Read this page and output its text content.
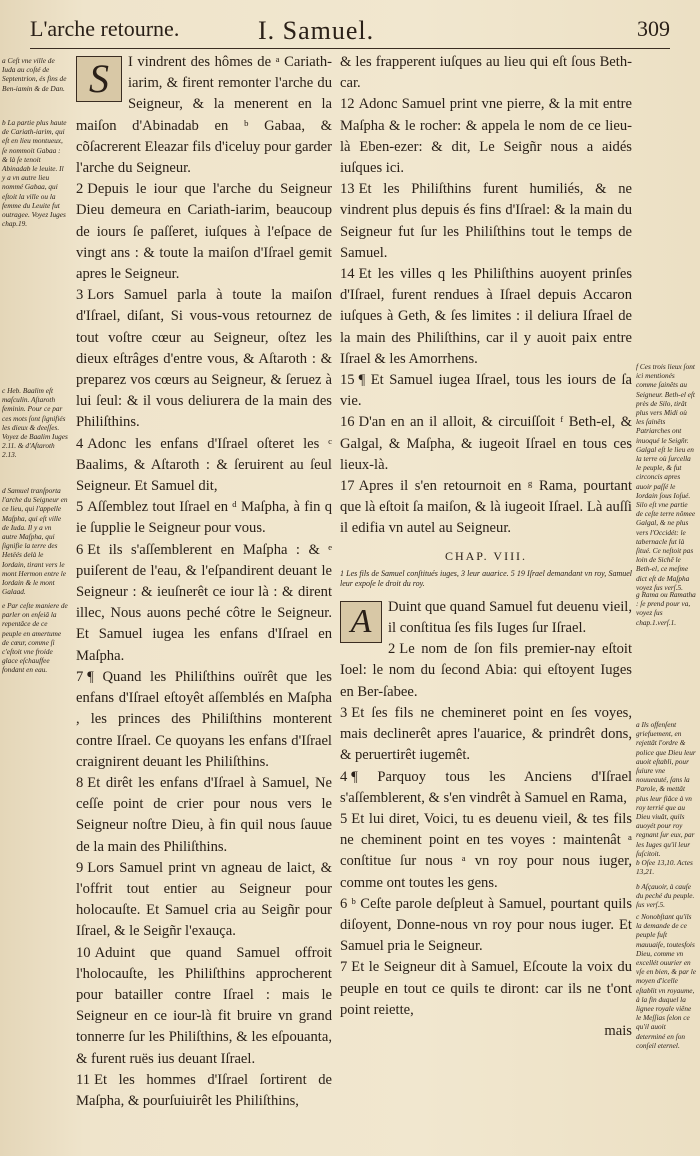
L'arche retourne.	I. Samuel.	309
a Ceſt vne ville de Iuda au coſté de Septentrion, és fins de Ben-iamin & de Dan.
b La partie plus haute de Cariath-iarim, qui eſt en lieu montueux, ſe nommoit Gabaa : & là ſe tenoit Abinadab le leuite. Il y a vn autre lieu nommé Gabaa, qui eſtoit la ville ou la femme du Leuite fut outragee. Voyez Iuges chap.19.
c Heb. Baalim eſt maſculin. Aſtaroth feminin. Pour ce par ces mots ſont ſignifiés les dieux & deeſſes. Voyez de Baalim Iuges 2.11. & d'Aſtaroth 2.13.
d Samuel tranſporta l'arche du Seigneur en ce lieu, qui l'appelle Maſpha, qui eſt ville de Iuda. Il y a vn autre Maſpha, qui ſignifie la terre des Hetëés delà le Iordain, tirant vers le mont Hermon entre le Iordain & le mont Galaad.
e Par ceſte maniere de parler on enſeiâ la repentâce de ce peuple en amertume de cœur, comme ſi c'eſtoit vne froide glace eſchauffee fondant en eau.

S	I vindrent des hômes de ᵃ Cariath-iarim, & firent remonter l'arche du Seigneur, & la menerent en la maiſon d'Abinadab en ᵇ Gabaa, & cõſacrerent Eleazar fils d'iceluy pour garder l'arche du Seigneur.

2 Depuis le iour que l'arche du Seigneur Dieu demeura en Cariath-iarim, beaucoup de iours ſe paſſeret, iuſques à l'eſpace de vingt ans : & toute la maiſon d'Iſrael gemit apres le Seigneur.

3 Lors Samuel parla à toute la maiſon d'Iſrael, diſant, Si vous-vous retournez de tout voſtre cœur au Seigneur, oſtez les dieux eſtrâges d'entre vous, & Aſtaroth : & preparez vos cœurs au Seigneur, & ſeruez à lui ſeul: & il vous deliurera de la main des Philiſthins.

4 Adonc les enfans d'Iſrael oſteret les ᶜ Baalims, & Aſtaroth : & ſeruirent au ſeul Seigneur. Et Samuel dit,

5 Aſſemblez tout Iſrael en ᵈ Maſpha, à fin q ie ſupplie le Seigneur pour vous.

6 Et ils s'aſſemblerent en Maſpha : & ᵉ puiſerent de l'eau, & l'eſpandirent deuant le Seigneur : & ieuſnerêt ce iour là : & dirent illec, Nous auons peché côtre le Seigneur. Et Samuel iugea les enfans d'Iſrael en Maſpha.

7 ¶ Quand les Philiſthins ouïrêt que les enfans d'Iſrael eſtoyêt aſſemblés en Maſpha , les princes des Philiſthins monterent contre Iſrael. Ce quoyans les enfans d'Iſrael craignirent deuant les Philiſthins.

8 Et dirêt les enfans d'Iſrael à Samuel, Ne ceſſe point de crier pour nous vers le Seigneur noſtre Dieu, à fin quil nous ſauue de la main des Philiſthins.

9 Lors Samuel print vn agneau de laict, & l'offrit tout entier au Seigneur pour holocauſte. Et Samuel cria au Seigñr pour Iſrael, & le Seigñr l'exauça.

10 Aduint que quand Samuel offroit l'holocauſte, les Philiſthins approcherent pour batailler contre Iſrael : mais le Seigneur en ce iour-là fit bruire vn grand tonnerre ſur les Philiſthins, & les eſpouanta, & furent ruës ius deuant Iſrael.

11 Et les hommes d'Iſrael ſortirent de Maſpha, & pourſuiuirêt les Philiſthins,

& les frapperent iuſques au lieu qui eſt ſous Beth-car.

12 Adonc Samuel print vne pierre, & la mit entre Maſpha & le rocher: & appela le nom de ce lieu-là Eben-ezer: & dit, Le Seigñr nous a aidés iuſques ici.

13 Et les Philiſthins furent humiliés, & ne vindrent plus depuis és fins d'Iſrael: & la main du Seigneur fut ſur les Philiſthins tout le temps de Samuel.

14 Et les villes q les Philiſthins auoyent prinſes d'Iſrael, furent rendues à Iſrael depuis Accaron iuſques à Geth, & ſes limites : il deliura Iſrael de la main des Philiſthins, car il y auoit paix entre Iſrael & les Amorrhens.

15 ¶ Et Samuel iugea Iſrael, tous les iours de ſa vie.

16 D'an en an il alloit, & circuiſſoit ᶠ Beth-el, & Galgal, & Maſpha, & iugeoit Iſrael en tous ces lieux-là.

17 Apres il s'en retournoit en ᵍ Rama, pourtant que là eſtoit ſa maiſon, & là iugeoit Iſrael. Là auſſi il edifia vn autel au Seigneur.

CHAP. VIII.
1 Les fils de Samuel conſtitués iuges, 3 leur auarice. 5 19 Iſrael demandant vn roy, Samuel leur expoſe le droit du roy.

A	Duint que quand Samuel fut deuenu vieil, il conſtitua ſes fils Iuges ſur Iſrael.

2 Le nom de ſon fils premier-nay eſtoit Ioel: le nom du ſecond Abia: qui eſtoyent Iuges en Ber-ſabee.

3 Et ſes fils ne chemineret point en ſes voyes, mais declinerêt apres l'auarice, & prindrêt dons, & peruertirêt iugemêt.

4 ¶ Parquoy tous les Anciens d'Iſrael s'aſſemblerent, & s'en vindrêt à Samuel en Rama,

5 Et lui diret, Voici, tu es deuenu vieil, & tes fils ne cheminent point en tes voyes : maintenât ᵃ conſtitue ſur nous ᵃ vn roy pour nous iuger, comme ont toutes les gens.

6 ᵇ Ceſte parole deſpleut à Samuel, pourtant quils diſoyent, Donne-nous vn roy pour nous iuger. Et Samuel pria le Seigneur.

7 Et le Seigneur dit à Samuel, Eſcoute la voix du peuple en tout ce quils te diront: car ils ne t'ont point reiette,

mais
f Ces trois lieux ſont ici mentionés comme ſainêts au Seigneur. Beth-el eſt près de Silo, tirât plus vers Midi où les ſainêts Patriarches ont inuoqué le Seigñr. Galgal eſt le lieu en la terre où ſurcella le peuple, & fut circoncis apres auoir paſſé le Iordain ſous Ioſué. Silo eſt vne partie de ceſte terre nômee Galgal, & ne plus vers l'Occidét: le tabernacle fut là ſitué. Ce neſtoit pas loin de Sichê le Beth-el, ce meſme dict eſt de Maſpha voyez ſus verſ.5.
g Rama ou Ramatha : ſe prend pour va, voyez ſus chap.1.verſ.1.
a Ils offenſent griefuement, en rejettât l'ordre & police que Dieu leur auoit eſtabli, pour ſuiure vne nouueauté, ſans la Parole, & mettât plus leur fiâce à vn roy terrié que au Dieu viuât, quils auoyét pour roy regnant ſur eux, par les Iuges qu'il leur ſuſcitoit.
b Oſee 13,10. Actes 13,21.
b Aſçauoir, à cauſe du peché du peuple. ſus verſ.5.
c Nonobſtant qu'ils la demande de ce peuple fuſt mauuaiſe, toutesfois Dieu, comme vn excellét ouurier en vſe en bien, & par le moyen d'icelle eſtablit vn royaume, à la fin duquel la lignee royale viêne le Meſſias ſelon ce qu'il auoit determiné en ſon conſeil eternel.
